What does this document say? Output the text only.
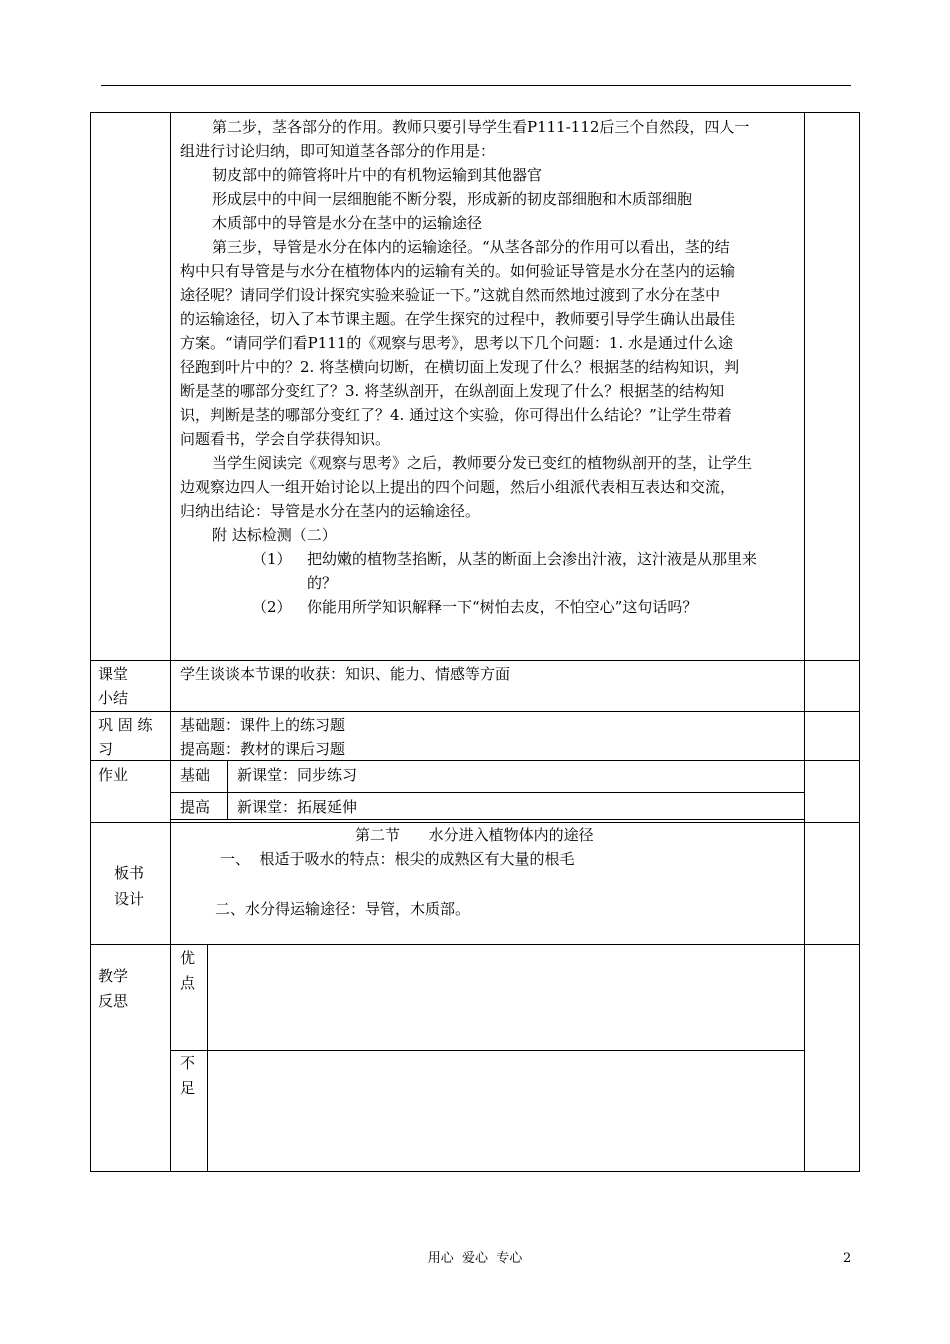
第二步，茎各部分的作用。教师只要引导学生看P111-112后三个自然段，四人一
组进行讨论归纳，即可知道茎各部分的作用是：
韧皮部中的筛管将叶片中的有机物运输到其他器官
形成层中的中间一层细胞能不断分裂，形成新的韧皮部细胞和木质部细胞
木质部中的导管是水分在茎中的运输途径
第三步，导管是水分在体内的运输途径。“从茎各部分的作用可以看出，茎的结
构中只有导管是与水分在植物体内的运输有关的。如何验证导管是水分在茎内的运输
途径呢？请同学们设计探究实验来验证一下。”这就自然而然地过渡到了水分在茎中
的运输途径，切入了本节课主题。在学生探究的过程中，教师要引导学生确认出最佳
方案。“请同学们看P111的《观察与思考》，思考以下几个问题：1. 水是通过什么途
径跑到叶片中的？2. 将茎横向切断，在横切面上发现了什么？根据茎的结构知识，判
断是茎的哪部分变红了？3. 将茎纵剖开，在纵剖面上发现了什么？根据茎的结构知
识，判断是茎的哪部分变红了？4. 通过这个实验，你可得出什么结论？”让学生带着
问题看书，学会自学获得知识。
当学生阅读完《观察与思考》之后，教师要分发已变红的植物纵剖开的茎，让学生
边观察边四人一组开始讨论以上提出的四个问题，然后小组派代表相互表达和交流，
归纳出结论：导管是水分在茎内的运输途径。
附 达标检测（二）
（1） 把幼嫩的植物茎掐断，从茎的断面上会渗出汁液，这汁液是从那里来
的？
（2） 你能用所学知识解释一下“树怕去皮，不怕空心”这句话吗？
课堂
小结
学生谈谈本节课的收获：知识、能力、情感等方面
巩 固 练
习
基础题：课件上的练习题
提高题：教材的课后习题
作业	基础 新课堂：同步练习
提高 新课堂：拓展延伸
板书
设计
第二节      水分进入植物体内的途径
一、  根适于吸水的特点：根尖的成熟区有大量的根毛
二、水分得运输途径：导管，木质部。
教学
反思
优
点
不
足
用心  爱心  专心	2
